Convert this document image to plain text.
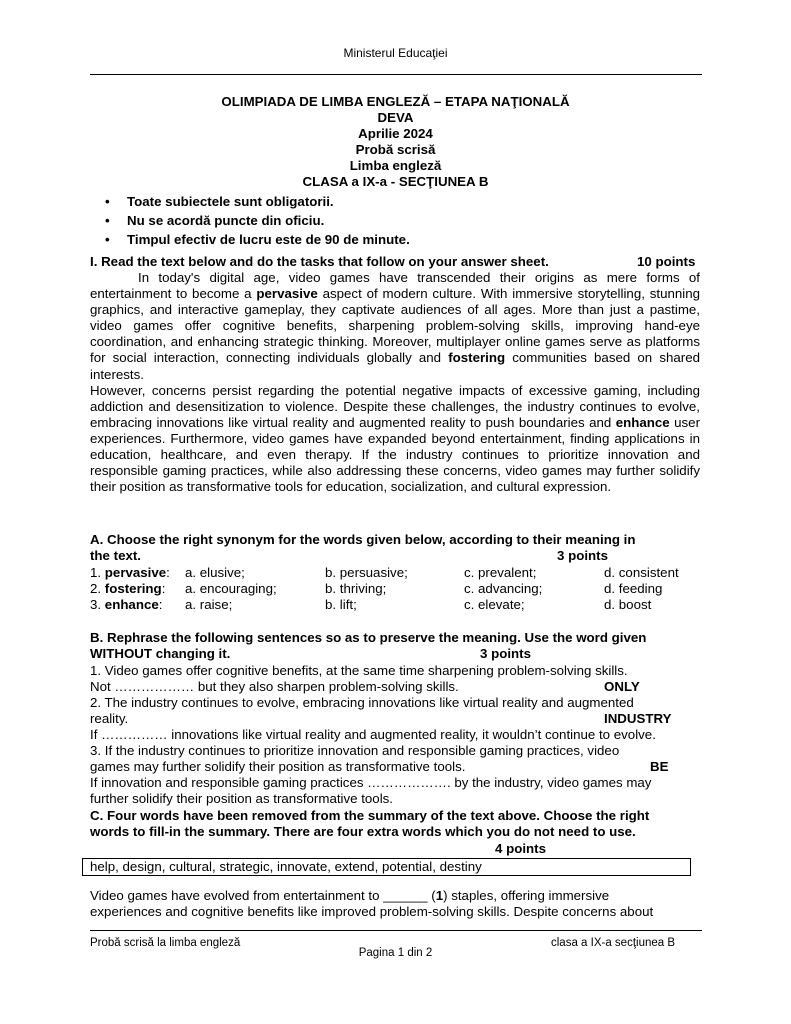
Ministerul Educaţiei
OLIMPIADA DE LIMBA ENGLEZĂ – ETAPA NAŢIONALĂ
DEVA
Aprilie 2024
Probă scrisă
Limba engleză
CLASA a IX-a - SECŢIUNEA B
• Toate subiectele sunt obligatorii.
• Nu se acordă puncte din oficiu.
• Timpul efectiv de lucru este de 90 de minute.
I. Read the text below and do the tasks that follow on your answer sheet.	10 points

In today's digital age, video games have transcended their origins as mere forms of entertainment to become a pervasive aspect of modern culture. With immersive storytelling, stunning graphics, and interactive gameplay, they captivate audiences of all ages. More than just a pastime, video games offer cognitive benefits, sharpening problem-solving skills, improving hand-eye coordination, and enhancing strategic thinking. Moreover, multiplayer online games serve as platforms for social interaction, connecting individuals globally and fostering communities based on shared interests.

However, concerns persist regarding the potential negative impacts of excessive gaming, including addiction and desensitization to violence. Despite these challenges, the industry continues to evolve, embracing innovations like virtual reality and augmented reality to push boundaries and enhance user experiences. Furthermore, video games have expanded beyond entertainment, finding applications in education, healthcare, and even therapy. If the industry continues to prioritize innovation and responsible gaming practices, while also addressing these concerns, video games may further solidify their position as transformative tools for education, socialization, and cultural expression.

A. Choose the right synonym for the words given below, according to their meaning in
the text.	3 points
1. pervasive: a. elusive;	b. persuasive;	c. prevalent;	d. consistent
2. fostering: a. encouraging;	b. thriving;	c. advancing;	d. feeding
3. enhance: a. raise;	b. lift;	c. elevate;	d. boost
B. Rephrase the following sentences so as to preserve the meaning. Use the word given
WITHOUT changing it.	3 points
1. Video games offer cognitive benefits, at the same time sharpening problem-solving skills.
Not ……………… but they also sharpen problem-solving skills.	ONLY
2. The industry continues to evolve, embracing innovations like virtual reality and augmented
reality.	INDUSTRY
If …………… innovations like virtual reality and augmented reality, it wouldn’t continue to evolve.
3. If the industry continues to prioritize innovation and responsible gaming practices, video
games may further solidify their position as transformative tools.	BE
If innovation and responsible gaming practices ………………. by the industry, video games may
further solidify their position as transformative tools.
C. Four words have been removed from the summary of the text above. Choose the right
words to fill-in the summary. There are four extra words which you do not need to use.
4 points
help, design, cultural, strategic, innovate, extend, potential, destiny
Video games have evolved from entertainment to ______ (1) staples, offering immersive
experiences and cognitive benefits like improved problem-solving skills. Despite concerns about
Probă scrisă la limba engleză	clasa a IX-a secţiunea B
Pagina 1 din 2
